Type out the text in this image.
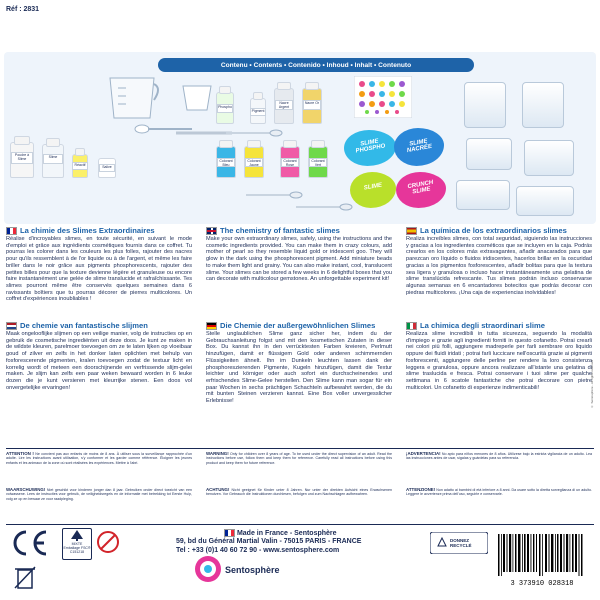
Réf : 2831
Poudre à Slime	Slime
Réactif	Salive
Phospho
Pigment
Nacre Argent
Nacre Or
Colorant Bleu
Colorant Jaune
Colorant Rose
Colorant Vert
SLIME PHOSPHO
SLIME NACRÉE
CRUNCH SLIME
SLIME
Contenu • Contents • Contenido • Inhoud • Inhalt • Contenuto
La chimie des Slimes Extraordinaires
Réalise d'incroyables slimes, en toute sécurité, en suivant le mode d'emploi et grâce aux ingrédients cosmétiques fournis dans ce coffret. Tu pourras les colorer dans les couleurs les plus folles, rajouter des nacres pour qu'ils ressemblent à de l'or liquide ou à de l'argent, et même les faire briller dans le noir grâce aux pigments phosphorescents, rajouter des petites billes pour que la texture devienne légère et granuleuse ou encore faire instantanément une gelée de slime translucide et rafraîchissante. Tes slimes pourront même être conservés quelques semaines dans 6 ravissants boîtiers que tu pourras décorer de pierres multicolores. Un coffret d'expériences inoubliables !
De chemie van fantastische slijmen
Maak ongelooflijke slijmen op een veilige manier, volg de instructies op en gebruik de cosmetische ingrediënten uit deze doos. Je kunt ze maken in de wildste kleuren, parelmoer toevoegen om ze te laten lijken op vloeibaar goud of zilver en zelfs in het donker laten oplichten met behulp van fosforescerende pigmenten, kralen toevoegen zodat de textuur licht en korrelig wordt of meteen een doorschijnende en verfrissende slijm-gelei maken. Je slijm kan zelfs een paar weken bewaard worden in 6 leuke dozen die je kunt versieren met kleurrijke stenen. Een doos vol onvergetelijke ervaringen!
The chemistry of fantastic slimes
Make your own extraordinary slimes, safely, using the instructions and the cosmetic ingredients provided. You can make them in crazy colours, add mother of pearl so they resemble liquid gold or iridescent goo. They will glow in the dark using the phosphorescent pigment. Add miniature beads to make them light and grainy. You can also make instant, cool, translucent slime. Your slimes can be stored a few weeks in 6 delightful boxes that you can decorate with multicolour gemstones. An unforgettable experiment kit!
Die Chemie der außergewöhnlichen Slimes
Stelle unglaublichen Slime ganz sicher her, indem du der Gebrauchsanleitung folgst und mit den kosmetischen Zutaten in dieser Box. Du kannst ihn in den verrücktesten Farben kreieren, Perlmutt hinzufügen, damit er flüssigem Gold oder anderen schimmernden Flüssigkeiten ähnelt. Ihn im Dunkeln leuchten lassen dank der phosphoreszierenden Pigmente, Kugeln hinzufügen, damit die Textur leichter und körniger oder auch sofort ein durchscheinendes und erfrischendes Slime-Gelee herstellen. Den Slime kann man sogar für ein paar Wochen in sechs prächtigen Schachteln aufbewahrt werden, die du mit bunten Steinen verzieren kannst. Eine Box voller unvergesslicher Erlebnisse!
La química de los extraordinarios slimes
Realiza increíbles slimes, con total seguridad, siguiendo las instrucciones y gracias a los ingredientes cosméticos que se incluyen en la caja. Podrás crearlos en los colores más extravagantes, añadir anacarados para que parezcan oro líquido o fluidos iridiscentes, hacerlos brillar en la oscuridad gracias a los pigmentos fosforescentes, añadir bolitas para que la textura sea ligera y granulosa o incluso hacer instantáneamente una gelatina de slime translúcida refrescante. Tus slimes podrán incluso conservarse algunas semanas en 6 encantadores botecitos que podrás decorar con piedras multicolores. ¡Una caja de experiencias inolvidables!
La chimica degli straordinari slime
Realizza slime incredibili in tutta sicurezza, seguendo la modalità d'impiego e grazie agli ingredienti forniti in questo cofanetto. Potrai crearli nei colori più folli, aggiungere madreperle per farli sembrare oro liquido oppure dei fluidi iridati ; potrai farli luccicare nell'oscurità grazie ai pigmenti fosforescenti, aggiungere delle perline per rendere la loro consistenza leggera e granulosa, oppure ancora realizzare all'istante una gelatina di slime traslucida e fresca. Potrai conservare i tuoi slime per qualche settimana in 6 scatole fantastiche che potrai decorare con pietre multicolori. Un cofanetto di esperienze indimenticabili!
ATTENTION ! Ne convient pas aux enfants de moins de 8 ans. À utiliser sous la surveillance rapprochée d'un adulte. Lire les instructions avant utilisation, s'y conformer et les garder comme référence. Éloigner les jeunes enfants et les animaux de la zone où sont réalisées les expériences. Mettre à l'abri.
WAARSCHUWING! Niet geschikt voor kinderen jonger dan 8 jaar. Gebruiken onder direct toezicht van een volwassene. Lees de instructies voor gebruik, de veiligheidsregels en de informatie met betrekking tot Eerste Hulp, volg ze op en bewaar ze voor raadpleging.
WARNING! Only for children over 8 years of age. To be used under the direct supervision of an adult. Read the instructions before use, follow them and keep them for reference. Carefully read all instructions before using this product and keep them for future reference.
ACHTUNG! Nicht geeignet für Kinder unter 8 Jahren. Nur unter der direkten Aufsicht eines Erwachsenen benutzen. Vor Gebrauch die Instruktionen durchlesen, befolgen und zum Nachschlagen aufbewahren.
¡ADVERTENCIA! No apto para niños menores de 8 años. Utilízese bajo la estricta vigilancia de un adulto. Lea las instrucciones antes de usar, sígalas y guárdelas para su referencia.
ATTENZIONE! Non adatto ai bambini di età inferiore a 8 anni. Da usare sotto la diretta sorveglianza di un adulto. Leggere le avvertenze prima dell'uso, seguirle e conservarle.
MIXTE Emballage FSC® C151218
Made in France - Sentosphère
59, bd du Général Martial Valin - 75015 PARIS - FRANCE
Tel : +33 (0)1 40 60 72 90 - www.sentosphere.com
Sentosphère
DONNEZ RECYCLÉ
3 373910 028318
© Sentosphère - All rights reserved
